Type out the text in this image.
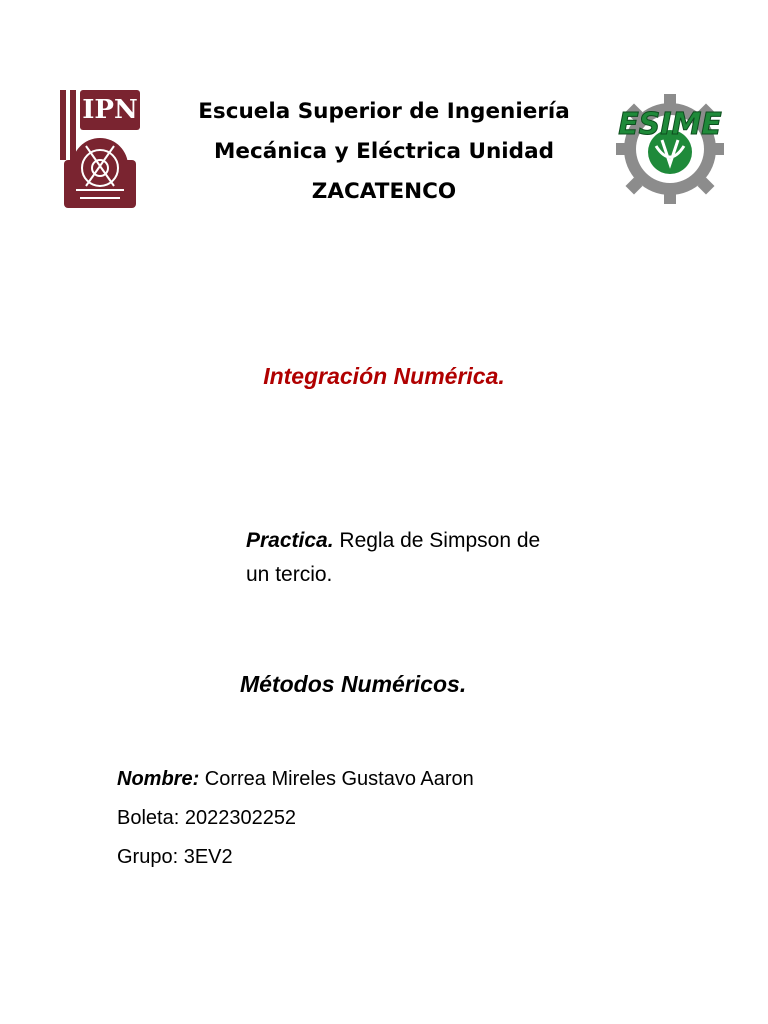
IPN	Escuela Superior de Ingeniería
Mecánica y Eléctrica Unidad
ZACATENCO
ESIME
Integración Numérica.
Practica. Regla de Simpson de un tercio.
Métodos Numéricos.
Nombre: Correa Mireles Gustavo Aaron
Boleta: 2022302252
Grupo: 3EV2
